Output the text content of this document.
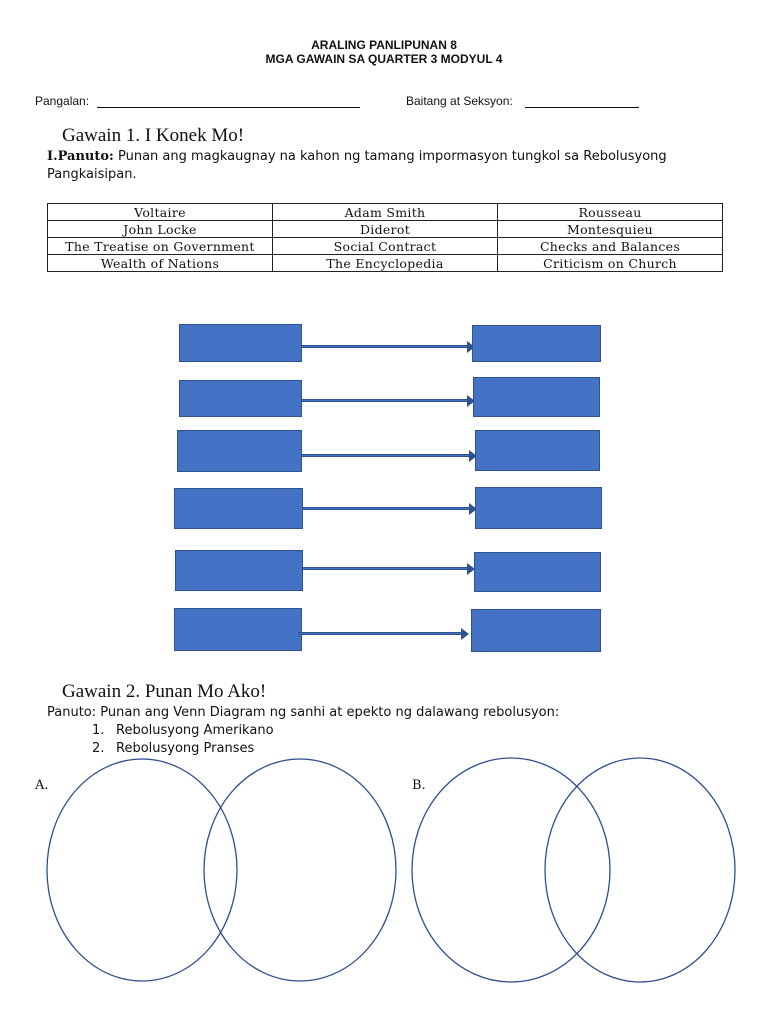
ARALING PANLIPUNAN 8
MGA GAWAIN SA QUARTER 3 MODYUL 4
Pangalan:	Baitang at Seksyon:
Gawain 1. I Konek Mo!
I.Panuto: Punan ang magkaugnay na kahon ng tamang impormasyon tungkol sa Rebolusyong Pangkaisipan.
Voltaire	Adam Smith	Rousseau
John Locke	Diderot	Montesquieu
The Treatise on Government	Social Contract	Checks and Balances
Wealth of Nations	The Encyclopedia	Criticism on Church
Gawain 2. Punan Mo Ako!
Panuto: Punan ang Venn Diagram ng sanhi at epekto ng dalawang rebolusyon:
1. Rebolusyong Amerikano
2. Rebolusyong Pranses
A.	B.
